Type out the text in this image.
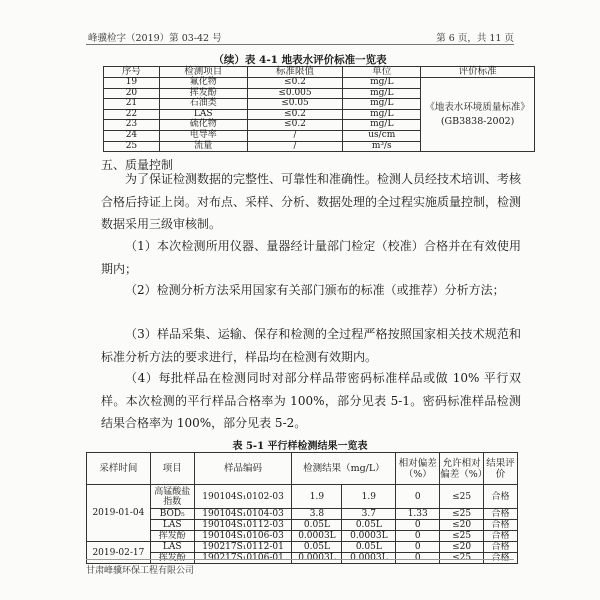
峰骥检字（2019）第 03-42 号	第 6 页，共 11 页
（续）表 4-1 地表水评价标准一览表
序号	检测项目	标准限值	单位	评价标准
19	氟化物	≤0.2	mg/L	《地表水环境质量标准》(GB3838-2002)
20	挥发酚	≤0.005	mg/L	
21	石油类	≤0.05	mg/L	
22	LAS	≤0.2	mg/L	
23	硫化物	≤0.2	mg/L	
24	电导率	/	us/cm	
25	流量	/	m³/s	
五、质量控制

为了保证检测数据的完整性、可靠性和准确性。检测人员经技术培训、考核合格后持证上岗。对布点、采样、分析、数据处理的全过程实施质量控制，检测数据采用三级审核制。

（1）本次检测所用仪器、量器经计量部门检定（校准）合格并在有效使用期内；

（2）检测分析方法采用国家有关部门颁布的标准（或推荐）分析方法；

（3）样品采集、运输、保存和检测的全过程严格按照国家相关技术规范和标准分析方法的要求进行，样品均在检测有效期内。

（4）每批样品在检测同时对部分样品带密码标准样品或做 10% 平行双样。本次检测的平行样品合格率为 100%，部分见表 5-1。密码标准样品检测结果合格率为 100%，部分见表 5-2。

表 5-1 平行样检测结果一览表
采样时间	项目	样品编码	检测结果（mg/L）		相对偏差（%）	允许相对偏差（%）	结果评价
2019-01-04	高锰酸盐指数	190104S₁0102-03	1.9	1.9	0	≤25	合格
	BOD₅	190104S₁0104-03	3.8	3.7	1.33	≤25	合格
	LAS	190104S₁0112-03	0.05L	0.05L	0	≤20	合格
	挥发酚	190104S₁0106-03	0.0003L	0.0003L	0	≤25	合格
2019-02-17	LAS	190217S₁0112-01	0.05L	0.05L	0	≤20	合格
	挥发酚	190217S₁0106-01	0.0003L	0.0003L	0	≤25	合格
甘肃峰骥环保工程有限公司
